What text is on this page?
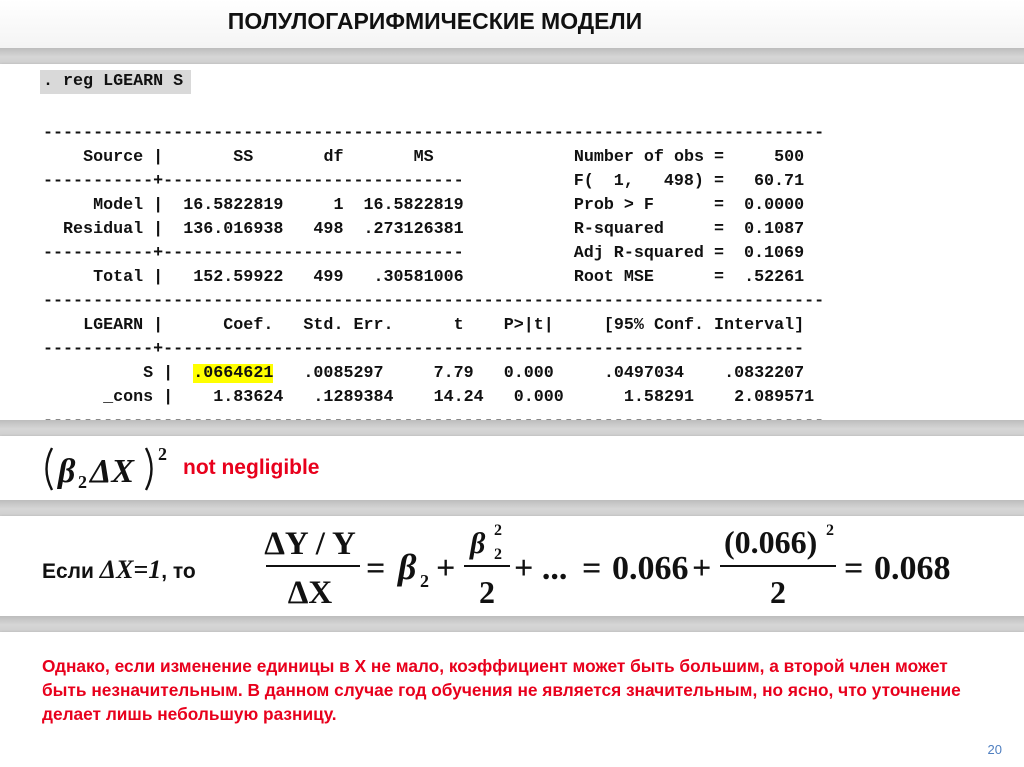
ПОЛУЛОГАРИФМИЧЕСКИЕ МОДЕЛИ
. reg LGEARN S
------------------------------------------------------------------------------
Source |	SS	df	MS	Number of obs =	500
-----------+------------------------------	F(  1,   498) = 60.71
Model | 16.5822819	1 16.5822819	Prob > F      = 0.0000
Residual | 136.016938 498 .273126381	R-squared     = 0.1087
-----------+------------------------------	Adj R-squared = 0.1069
Total | 152.59922 499 .30581006	Root MSE      = .52261
------------------------------------------------------------------------------
LGEARN |	Coef. Std. Err.	t P>|t|	[95% Conf. Interval]
-----------+----------------------------------------------------------------
S | .0664621 .0085297	7.79 0.000	.0497034 .0832207
_cons | 1.83624 .1289384 14.24 0.000	1.58291 2.089571
β 2 ΔX 2
not negligible
Если ΔX=1, то
ΔY / Y
ΔX
= β 2 +
β 2
2
2
+ ... = 0.066 +
(0.066) 2
2
= 0.068
Однако, если изменение единицы в X не мало, коэффициент может быть большим, а второй член может быть незначительным. В данном случае год обучения не является значительным, но ясно, что уточнение делает лишь небольшую разницу.
20
